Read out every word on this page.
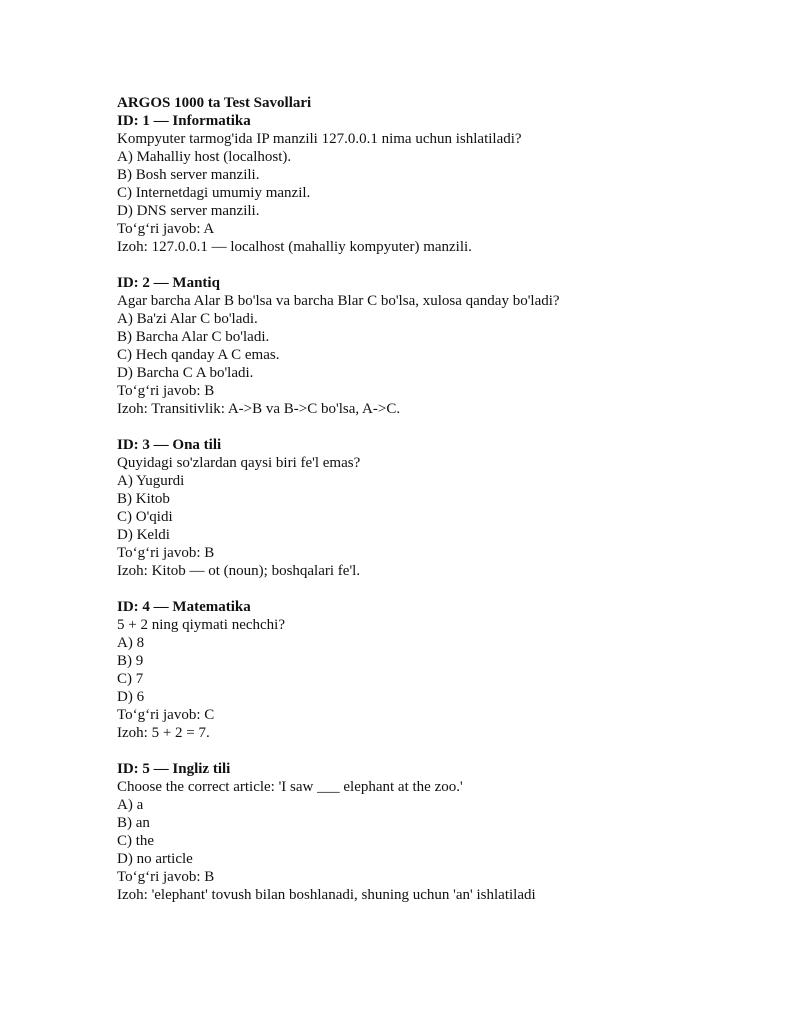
ARGOS 1000 ta Test Savollari
ID: 1 — Informatika
Kompyuter tarmog'ida IP manzili 127.0.0.1 nima uchun ishlatiladi?
A) Mahalliy host (localhost).
B) Bosh server manzili.
C) Internetdagi umumiy manzil.
D) DNS server manzili.
To‘g‘ri javob: A
Izoh: 127.0.0.1 — localhost (mahalliy kompyuter) manzili.
ID: 2 — Mantiq
Agar barcha Alar B bo'lsa va barcha Blar C bo'lsa, xulosa qanday bo'ladi?
A) Ba'zi Alar C bo'ladi.
B) Barcha Alar C bo'ladi.
C) Hech qanday A C emas.
D) Barcha C A bo'ladi.
To‘g‘ri javob: B
Izoh: Transitivlik: A->B va B->C bo'lsa, A->C.
ID: 3 — Ona tili
Quyidagi so'zlardan qaysi biri fe'l emas?
A) Yugurdi
B) Kitob
C) O'qidi
D) Keldi
To‘g‘ri javob: B
Izoh: Kitob — ot (noun); boshqalari fe'l.
ID: 4 — Matematika
5 + 2 ning qiymati nechchi?
A) 8
B) 9
C) 7
D) 6
To‘g‘ri javob: C
Izoh: 5 + 2 = 7.
ID: 5 — Ingliz tili
Choose the correct article: 'I saw ___ elephant at the zoo.'
A) a
B) an
C) the
D) no article
To‘g‘ri javob: B
Izoh: 'elephant' tovush bilan boshlanadi, shuning uchun 'an' ishlatiladi
